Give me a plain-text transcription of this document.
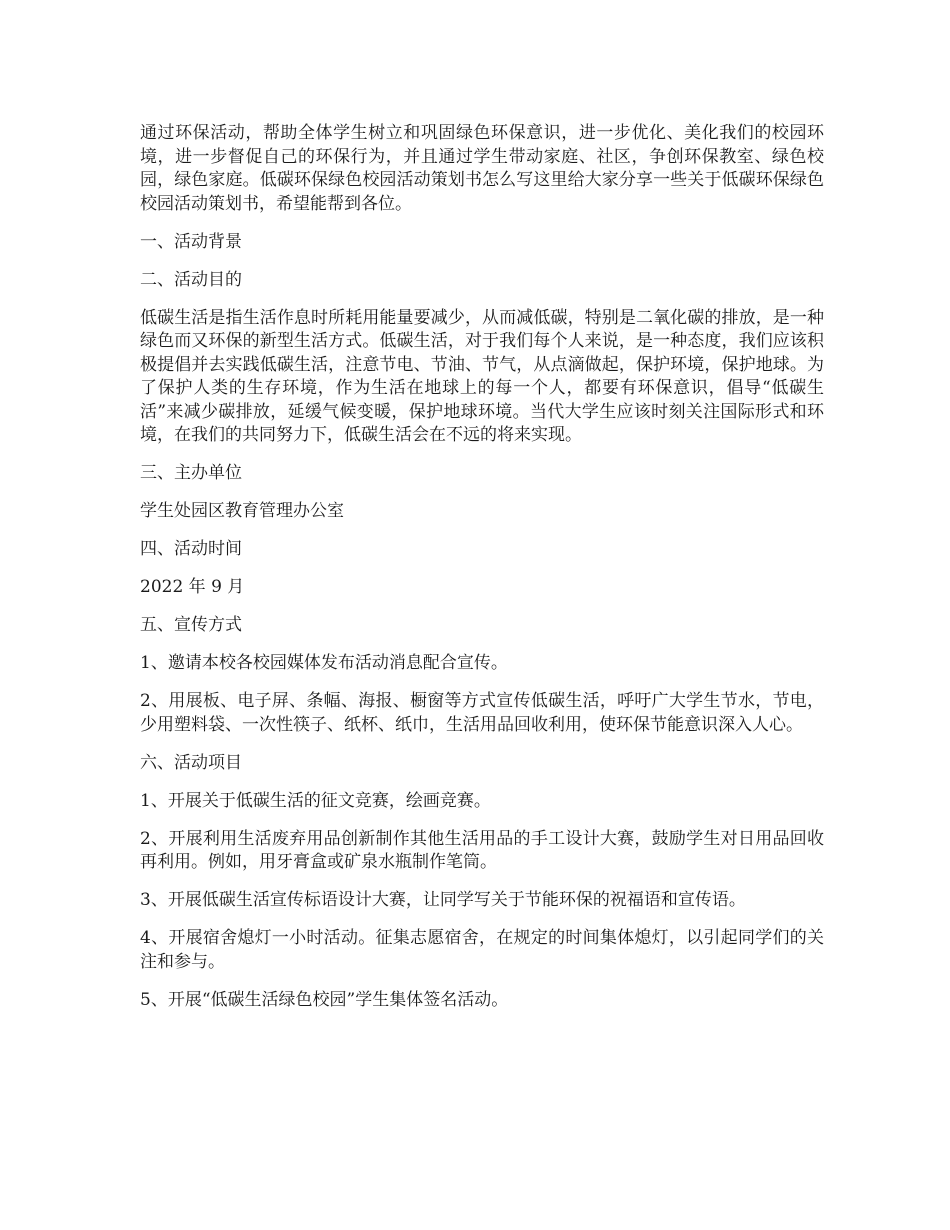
通过环保活动，帮助全体学生树立和巩固绿色环保意识，进一步优化、美化我们的校园环境，进一步督促自己的环保行为，并且通过学生带动家庭、社区，争创环保教室、绿色校园，绿色家庭。低碳环保绿色校园活动策划书怎么写这里给大家分享一些关于低碳环保绿色校园活动策划书，希望能帮到各位。

一、活动背景

二、活动目的

低碳生活是指生活作息时所耗用能量要减少，从而减低碳，特别是二氧化碳的排放，是一种绿色而又环保的新型生活方式。低碳生活，对于我们每个人来说，是一种态度，我们应该积极提倡并去实践低碳生活，注意节电、节油、节气，从点滴做起，保护环境，保护地球。为了保护人类的生存环境，作为生活在地球上的每一个人，都要有环保意识，倡导“低碳生活”来减少碳排放，延缓气候变暖，保护地球环境。当代大学生应该时刻关注国际形式和环境，在我们的共同努力下，低碳生活会在不远的将来实现。

三、主办单位

学生处园区教育管理办公室

四、活动时间

2022 年 9 月

五、宣传方式

1、邀请本校各校园媒体发布活动消息配合宣传。

2、用展板、电子屏、条幅、海报、橱窗等方式宣传低碳生活，呼吁广大学生节水，节电，少用塑料袋、一次性筷子、纸杯、纸巾，生活用品回收利用，使环保节能意识深入人心。

六、活动项目

1、开展关于低碳生活的征文竞赛，绘画竞赛。

2、开展利用生活废弃用品创新制作其他生活用品的手工设计大赛，鼓励学生对日用品回收再利用。例如，用牙膏盒或矿泉水瓶制作笔筒。

3、开展低碳生活宣传标语设计大赛，让同学写关于节能环保的祝福语和宣传语。

4、开展宿舍熄灯一小时活动。征集志愿宿舍，在规定的时间集体熄灯，以引起同学们的关注和参与。

5、开展“低碳生活绿色校园”学生集体签名活动。
